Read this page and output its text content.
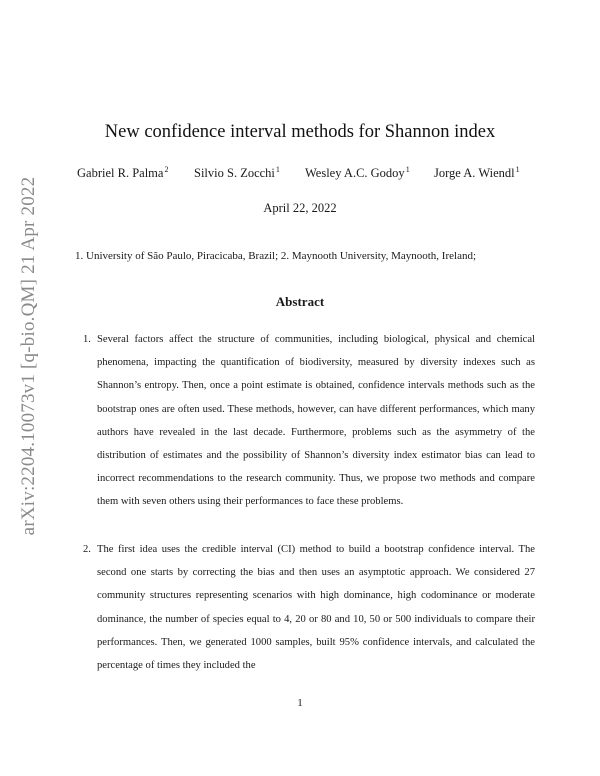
arXiv:2204.10073v1 [q-bio.QM] 21 Apr 2022
New confidence interval methods for Shannon index
Gabriel R. Palma$^2$ Silvio S. Zocchi$^1$ Wesley A.C. Godoy$^1$ Jorge A. Wiendl$^1$
April 22, 2022
1. University of São Paulo, Piracicaba, Brazil; 2. Maynooth University, Maynooth, Ireland;
Abstract
1. Several factors affect the structure of communities, including biological, physical and chemical phenomena, impacting the quantification of biodiversity, measured by diversity indexes such as Shannon’s entropy. Then, once a point estimate is obtained, confidence intervals methods such as the bootstrap ones are often used. These methods, however, can have different performances, which many authors have revealed in the last decade. Furthermore, problems such as the asymmetry of the distribution of estimates and the possibility of Shannon’s diversity index estimator bias can lead to incorrect recommendations to the research community. Thus, we propose two methods and compare them with seven others using their performances to face these problems.
2. The first idea uses the credible interval (CI) method to build a bootstrap confidence interval. The second one starts by correcting the bias and then uses an asymptotic approach. We considered 27 community structures representing scenarios with high dominance, high codominance or moderate dominance, the number of species equal to 4, 20 or 80 and 10, 50 or 500 individuals to compare their performances. Then, we generated 1000 samples, built 95% confidence intervals, and calculated the percentage of times they included the
1
